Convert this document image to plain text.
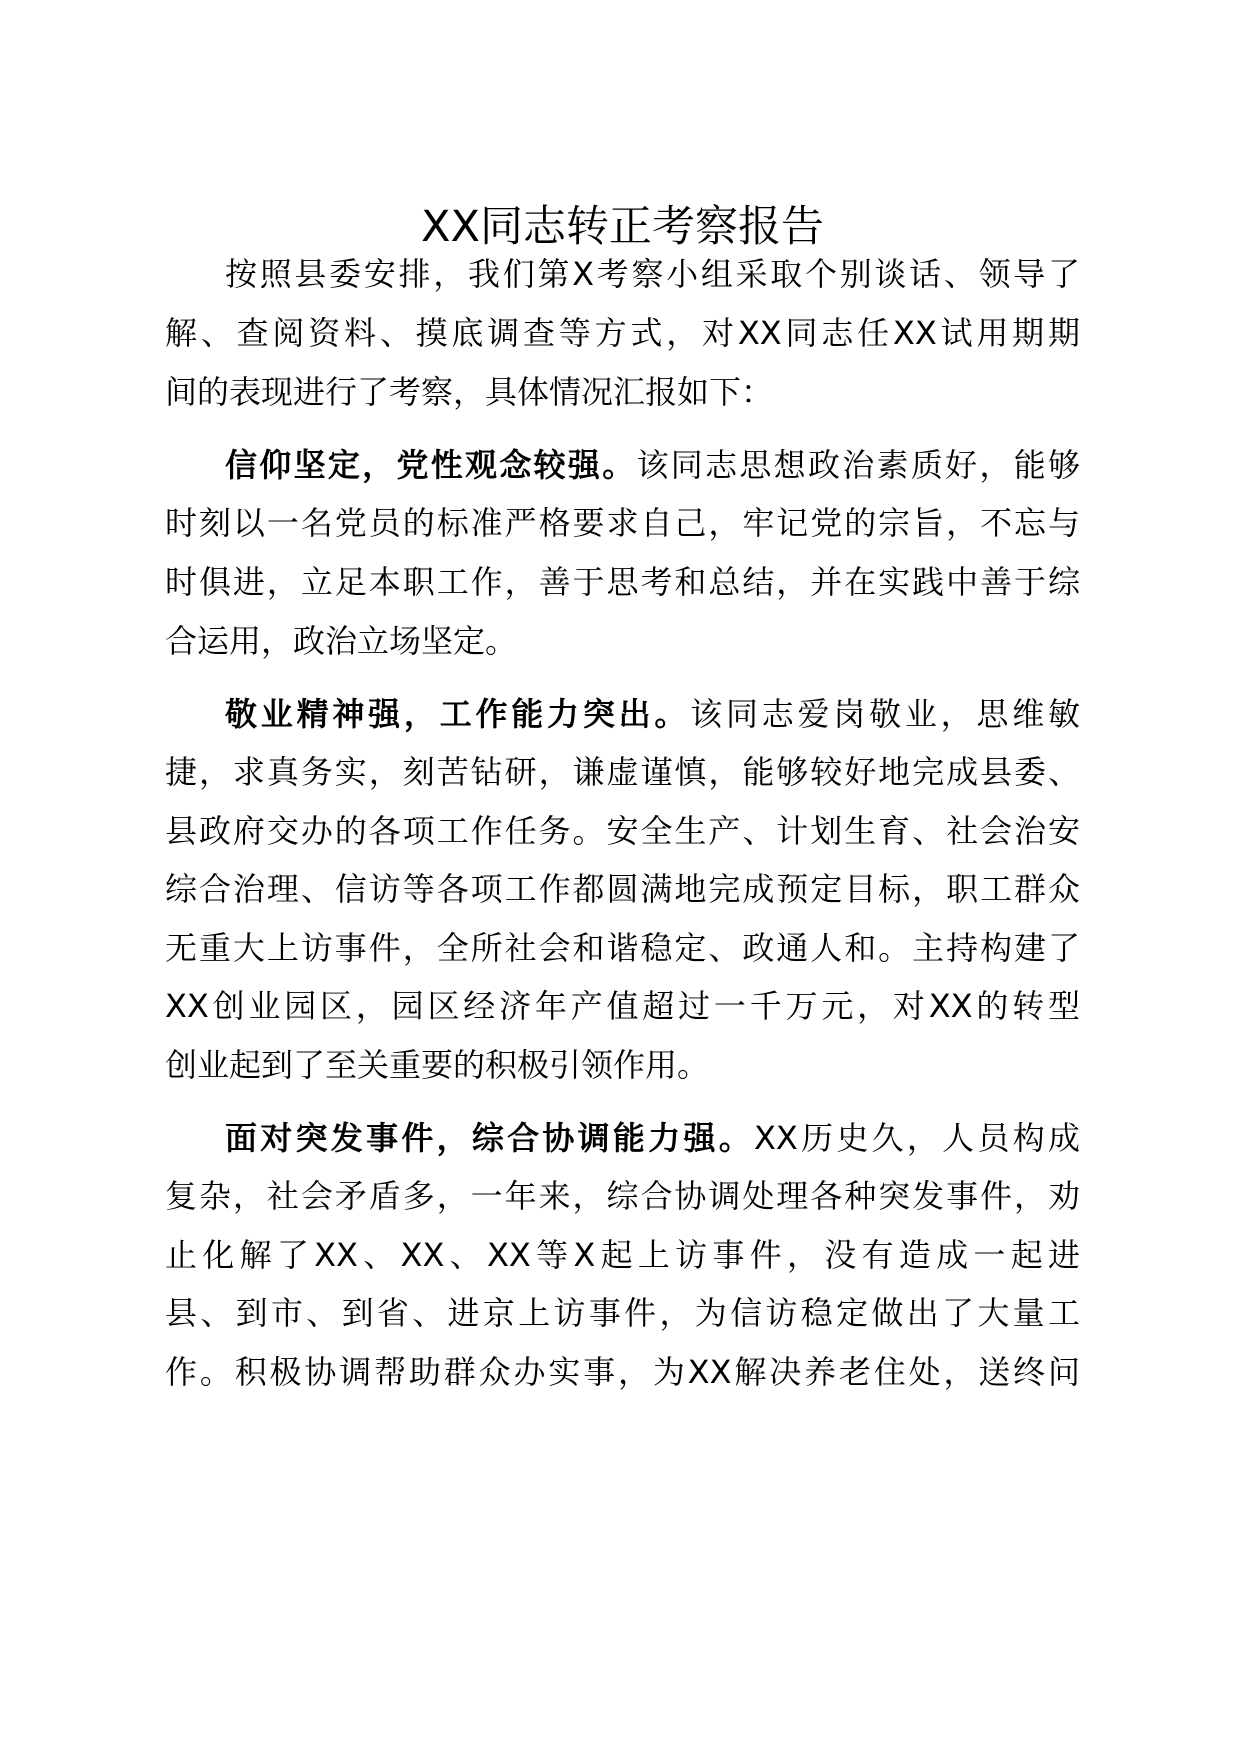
XX同志转正考察报告

按照县委安排，我们第X考察小组采取个别谈话、领导了

解、查阅资料、摸底调查等方式，对XX同志任XX试用期期

间的表现进行了考察，具体情况汇报如下：

信仰坚定，党性观念较强。该同志思想政治素质好，能够

时刻以一名党员的标准严格要求自己，牢记党的宗旨，不忘与

时俱进，立足本职工作，善于思考和总结，并在实践中善于综

合运用，政治立场坚定。

敬业精神强，工作能力突出。该同志爱岗敬业，思维敏

捷，求真务实，刻苦钻研，谦虚谨慎，能够较好地完成县委、

县政府交办的各项工作任务。安全生产、计划生育、社会治安

综合治理、信访等各项工作都圆满地完成预定目标，职工群众

无重大上访事件，全所社会和谐稳定、政通人和。主持构建了

XX创业园区，园区经济年产值超过一千万元，对XX的转型

创业起到了至关重要的积极引领作用。

面对突发事件，综合协调能力强。XX历史久，人员构成

复杂，社会矛盾多，一年来，综合协调处理各种突发事件，劝

止化解了XX、XX、XX等X起上访事件，没有造成一起进

县、到市、到省、进京上访事件，为信访稳定做出了大量工

作。积极协调帮助群众办实事，为XX解决养老住处，送终问
